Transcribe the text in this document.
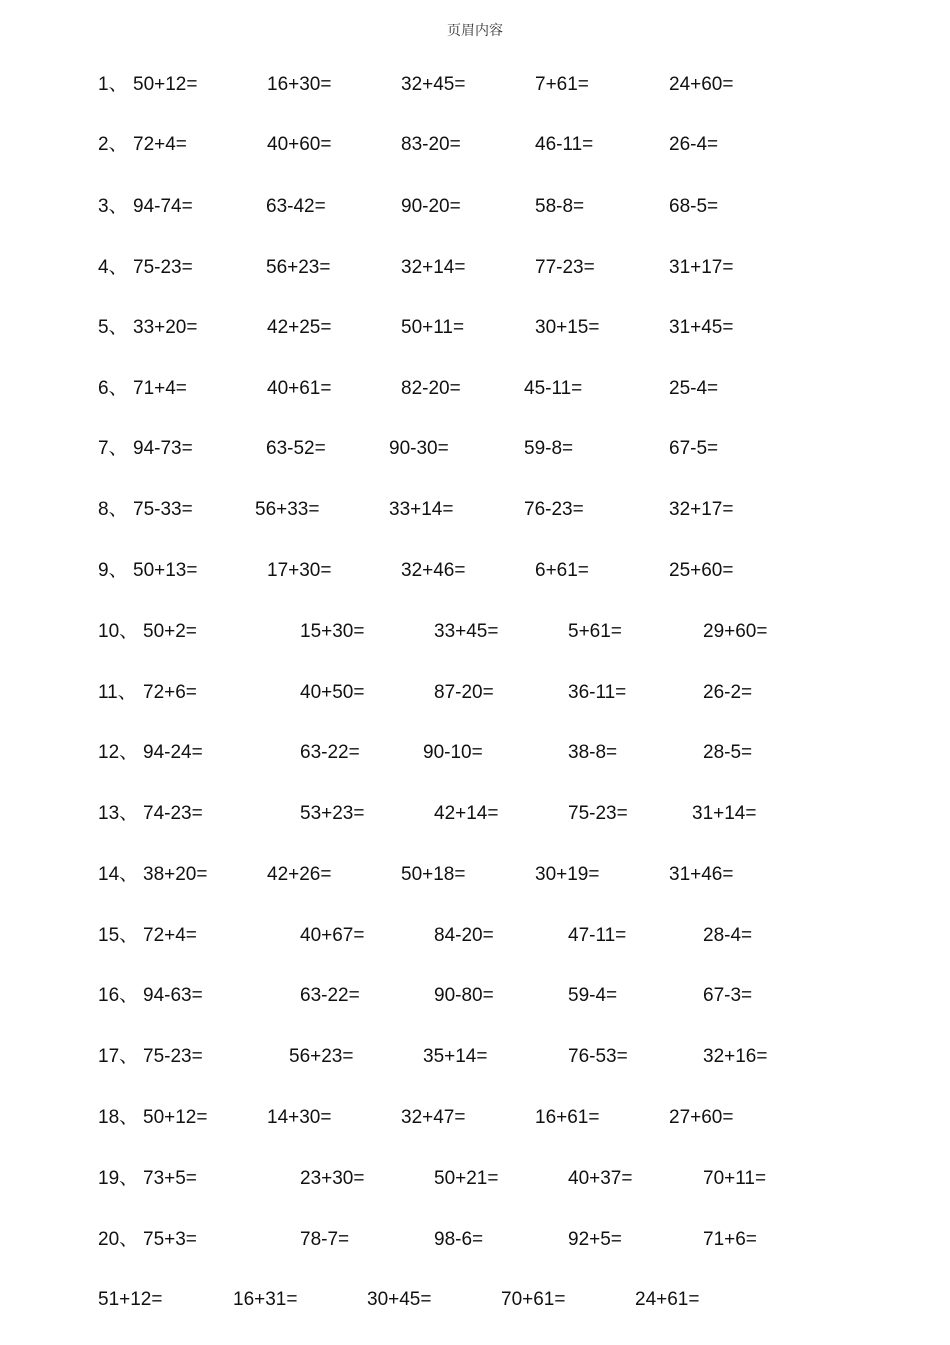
页眉内容
1、 50+12=	16+30=	32+45=	7+61=	24+60=
2、 72+4=	40+60=	83-20=	46-11=	26-4=
3、 94-74=	63-42=	90-20=	58-8=	68-5=
4、 75-23=	56+23=	32+14=	77-23=	31+17=
5、 33+20=	42+25=	50+11=	30+15=	31+45=
6、 71+4=	40+61=	82-20=	45-11=	25-4=
7、 94-73=	63-52=	90-30=	59-8=	67-5=
8、 75-33=	56+33=	33+14=	76-23=	32+17=
9、 50+13=	17+30=	32+46=	6+61=	25+60=
10、 50+2=	15+30=	33+45=	5+61=	29+60=
11、 72+6=	40+50=	87-20=	36-11=	26-2=
12、 94-24=	63-22=	90-10=	38-8=	28-5=
13、 74-23=	53+23=	42+14=	75-23=	31+14=
14、 38+20=	42+26=	50+18=	30+19=	31+46=
15、 72+4=	40+67=	84-20=	47-11=	28-4=
16、 94-63=	63-22=	90-80=	59-4=	67-3=
17、 75-23=	56+23=	35+14=	76-53=	32+16=
18、 50+12=	14+30=	32+47=	16+61=	27+60=
19、 73+5=	23+30=	50+21=	40+37=	70+11=
20、 75+3=	78-7=	98-6=	92+5=	71+6=
51+12=	16+31=	30+45=	70+61=	24+61=
